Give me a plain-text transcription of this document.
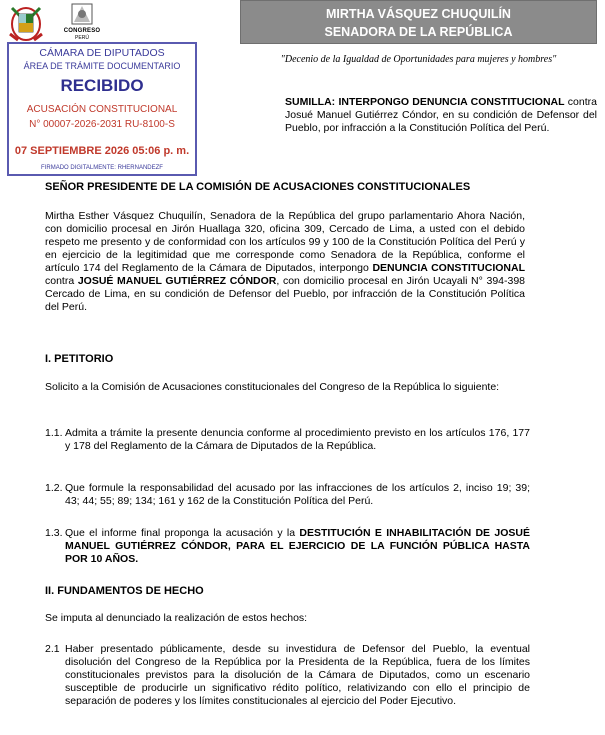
CONGRESO
PERÚ
MIRTHA VÁSQUEZ CHUQUILÍN
SENADORA DE LA REPÚBLICA
"Decenio de la Igualdad de Oportunidades para mujeres y hombres"
CÁMARA DE DIPUTADOS
ÁREA DE TRÁMITE DOCUMENTARIO
RECIBIDO
ACUSACIÓN CONSTITUCIONAL
N° 00007-2026-2031 RU-8100-S
07 SEPTIEMBRE 2026 05:06 p. m.
FIRMADO DIGITALMENTE: RHERNANDEZF
SUMILLA: INTERPONGO DENUNCIA CONSTITUCIONAL contra Josué Manuel Gutiérrez Cóndor, en su condición de Defensor del Pueblo, por infracción a la Constitución Política del Perú.
SEÑOR PRESIDENTE DE LA COMISIÓN DE ACUSACIONES CONSTITUCIONALES
Mirtha Esther Vásquez Chuquilín, Senadora de la República del grupo parlamentario Ahora Nación, con domicilio procesal en Jirón Huallaga 320, oficina 309, Cercado de Lima, a usted con el debido respeto me presento y de conformidad con los artículos 99 y 100 de la Constitución Política del Perú y en ejercicio de la legitimidad que me corresponde como Senadora de la República, conforme el artículo 174 del Reglamento de la Cámara de Diputados, interpongo DENUNCIA CONSTITUCIONAL contra JOSUÉ MANUEL GUTIÉRREZ CÓNDOR, con domicilio procesal en Jirón Ucayali N° 394-398 Cercado de Lima, en su condición de Defensor del Pueblo, por infracción de la Constitución Política del Perú.
I. PETITORIO
Solicito a la Comisión de Acusaciones constitucionales del Congreso de la República lo siguiente:
1.1. Admita a trámite la presente denuncia conforme al procedimiento previsto en los artículos 176, 177 y 178 del Reglamento de la Cámara de Diputados de la República.
1.2. Que formule la responsabilidad del acusado por las infracciones de los artículos 2, inciso 19; 39; 43; 44; 55; 89; 134; 161 y 162 de la Constitución Política del Perú.
1.3. Que el informe final proponga la acusación y la DESTITUCIÓN E INHABILITACIÓN DE JOSUÉ MANUEL GUTIÉRREZ CÓNDOR, PARA EL EJERCICIO DE LA FUNCIÓN PÚBLICA HASTA POR 10 AÑOS.
II. FUNDAMENTOS DE HECHO
Se imputa al denunciado la realización de estos hechos:
2.1 Haber presentado públicamente, desde su investidura de Defensor del Pueblo, la eventual disolución del Congreso de la República por la Presidenta de la República, fuera de los límites constitucionales previstos para la disolución de la Cámara de Diputados, como un escenario susceptible de producirle un significativo rédito político, relativizando con ello el principio de separación de poderes y los límites constitucionales al ejercicio del Poder Ejecutivo.
